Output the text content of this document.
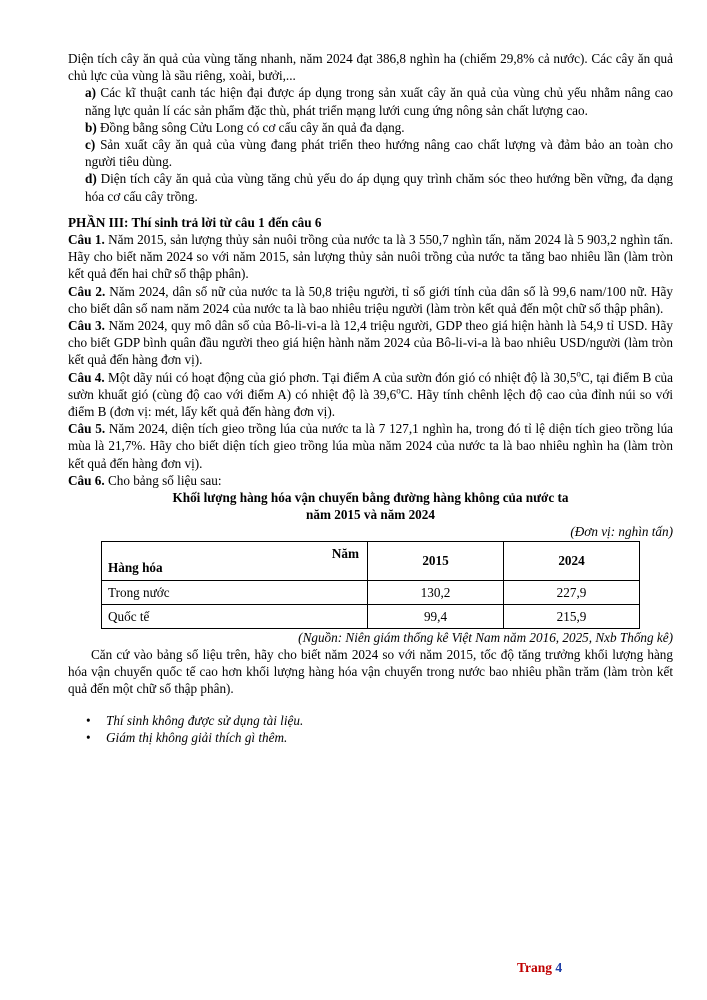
Diện tích cây ăn quả của vùng tăng nhanh, năm 2024 đạt 386,8 nghìn ha (chiếm 29,8% cả nước). Các cây ăn quả chủ lực của vùng là sầu riêng, xoài, bưởi,...

a) Các kĩ thuật canh tác hiện đại được áp dụng trong sản xuất cây ăn quả của vùng chủ yếu nhằm nâng cao năng lực quản lí các sản phẩm đặc thù, phát triển mạng lưới cung ứng nông sản chất lượng cao.

b) Đồng bằng sông Cửu Long có cơ cấu cây ăn quả đa dạng.

c) Sản xuất cây ăn quả của vùng đang phát triển theo hướng nâng cao chất lượng và đảm bảo an toàn cho người tiêu dùng.

d) Diện tích cây ăn quả của vùng tăng chủ yếu do áp dụng quy trình chăm sóc theo hướng bền vững, đa dạng hóa cơ cấu cây trồng.

PHẦN III: Thí sinh trả lời từ câu 1 đến câu 6

Câu 1. Năm 2015, sản lượng thủy sản nuôi trồng của nước ta là 3 550,7 nghìn tấn, năm 2024 là 5 903,2 nghìn tấn. Hãy cho biết năm 2024 so với năm 2015, sản lượng thủy sản nuôi trồng của nước ta tăng bao nhiêu lần (làm tròn kết quả đến hai chữ số thập phân).

Câu 2. Năm 2024, dân số nữ của nước ta là 50,8 triệu người, tỉ số giới tính của dân số là 99,6 nam/100 nữ. Hãy cho biết dân số nam năm 2024 của nước ta là bao nhiêu triệu người (làm tròn kết quả đến một chữ số thập phân).

Câu 3. Năm 2024, quy mô dân số của Bô-li-vi-a là 12,4 triệu người, GDP theo giá hiện hành là 54,9 tỉ USD. Hãy cho biết GDP bình quân đầu người theo giá hiện hành năm 2024 của Bô-li-vi-a là bao nhiêu USD/người (làm tròn kết quả đến hàng đơn vị).

Câu 4. Một dãy núi có hoạt động của gió phơn. Tại điểm A của sườn đón gió có nhiệt độ là 30,5$^o$C, tại điểm B của sườn khuất gió (cùng độ cao với điểm A) có nhiệt độ là 39,6$^o$C. Hãy tính chênh lệch độ cao của đỉnh núi so với điểm B (đơn vị: mét, lấy kết quả đến hàng đơn vị).

Câu 5. Năm 2024, diện tích gieo trồng lúa của nước ta là 7 127,1 nghìn ha, trong đó tỉ lệ diện tích gieo trồng lúa mùa là 21,7%. Hãy cho biết diện tích gieo trồng lúa mùa năm 2024 của nước ta là bao nhiêu nghìn ha (làm tròn kết quả đến hàng đơn vị).

Câu 6. Cho bảng số liệu sau:

Khối lượng hàng hóa vận chuyển bằng đường hàng không của nước ta

năm 2015 và năm 2024

(Đơn vị: nghìn tấn)

Năm
Hàng hóa	2015	2024
Trong nước	130,2	227,9
Quốc tế	99,4	215,9

(Nguồn: Niên giám thống kê Việt Nam năm 2016, 2025, Nxb Thống kê)

Căn cứ vào bảng số liệu trên, hãy cho biết năm 2024 so với năm 2015, tốc độ tăng trưởng khối lượng hàng hóa vận chuyển quốc tế cao hơn khối lượng hàng hóa vận chuyển trong nước bao nhiêu phần trăm (làm tròn kết quả đến một chữ số thập phân).

• Thí sinh không được sử dụng tài liệu.
• Giám thị không giải thích gì thêm.
Trang 4
